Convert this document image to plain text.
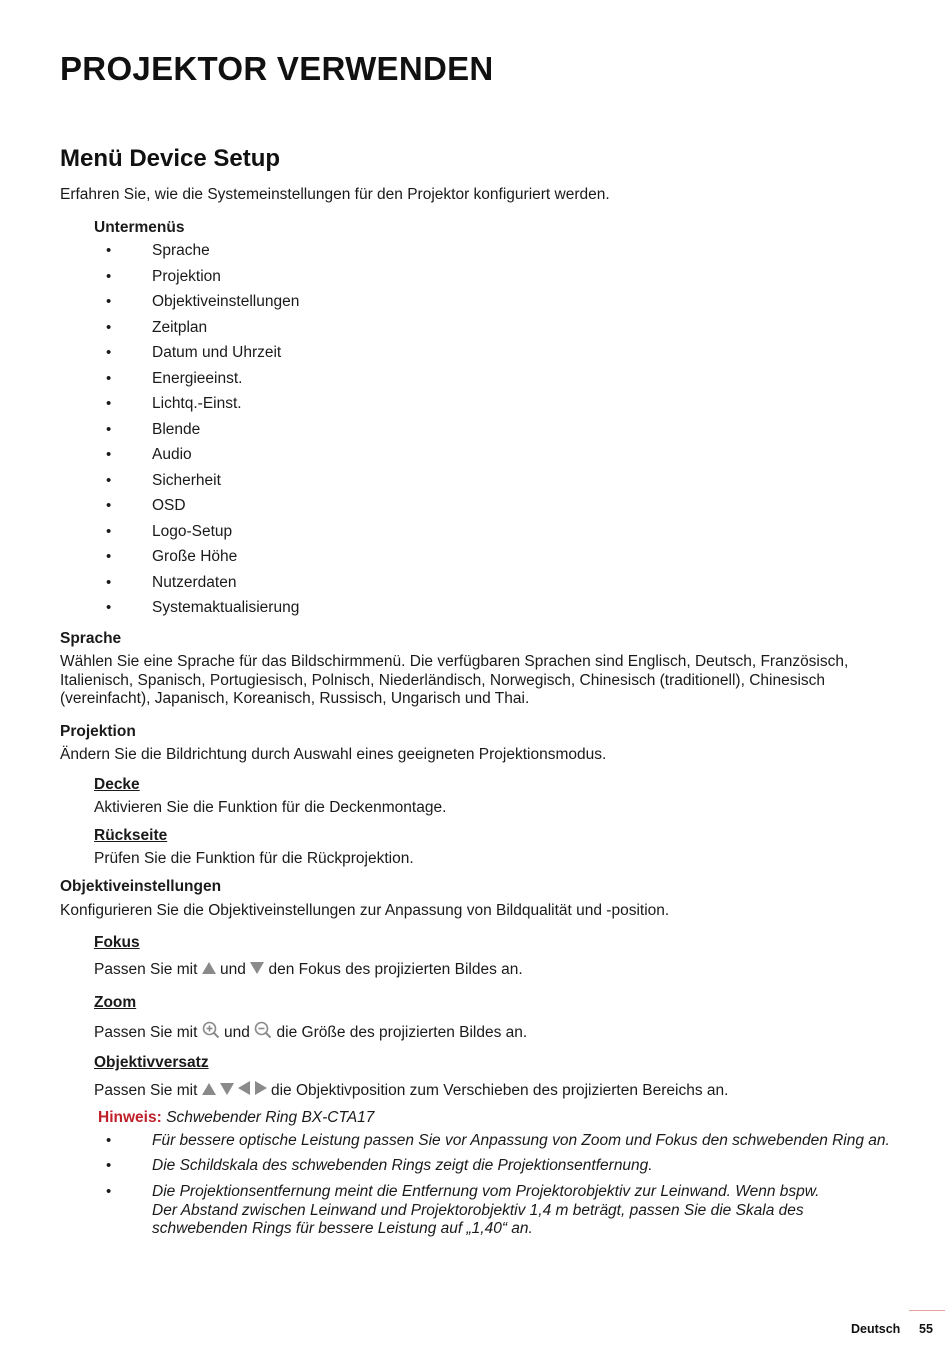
PROJEKTOR VERWENDEN
Menü Device Setup
Erfahren Sie, wie die Systemeinstellungen für den Projektor konfiguriert werden.
Untermenüs
•	Sprache
•	Projektion
•	Objektiveinstellungen
•	Zeitplan
•	Datum und Uhrzeit
•	Energieeinst.
•	Lichtq.-Einst.
•	Blende
•	Audio
•	Sicherheit
•	OSD
•	Logo-Setup
•	Große Höhe
•	Nutzerdaten
•	Systemaktualisierung
Sprache
Wählen Sie eine Sprache für das Bildschirmmenü. Die verfügbaren Sprachen sind Englisch, Deutsch, Französisch,
Italienisch, Spanisch, Portugiesisch, Polnisch, Niederländisch, Norwegisch, Chinesisch (traditionell), Chinesisch
(vereinfacht), Japanisch, Koreanisch, Russisch, Ungarisch und Thai.
Projektion
Ändern Sie die Bildrichtung durch Auswahl eines geeigneten Projektionsmodus.
Decke
Aktivieren Sie die Funktion für die Deckenmontage.
Rückseite
Prüfen Sie die Funktion für die Rückprojektion.
Objektiveinstellungen
Konfigurieren Sie die Objektiveinstellungen zur Anpassung von Bildqualität und -position.
Fokus
Passen Sie mit und den Fokus des projizierten Bildes an.
Zoom
Passen Sie mit und die Größe des projizierten Bildes an.
Objektivversatz
Passen Sie mit	die Objektivposition zum Verschieben des projizierten Bereichs an.
Hinweis: Schwebender Ring BX-CTA17
•	Für bessere optische Leistung passen Sie vor Anpassung von Zoom und Fokus den schwebenden Ring an.
•	Die Schildskala des schwebenden Rings zeigt die Projektionsentfernung.
•	Die Projektionsentfernung meint die Entfernung vom Projektorobjektiv zur Leinwand. Wenn bspw.
Der Abstand zwischen Leinwand und Projektorobjektiv 1,4 m beträgt, passen Sie die Skala des
schwebenden Rings für bessere Leistung auf „1,40“ an.
Deutsch 55
